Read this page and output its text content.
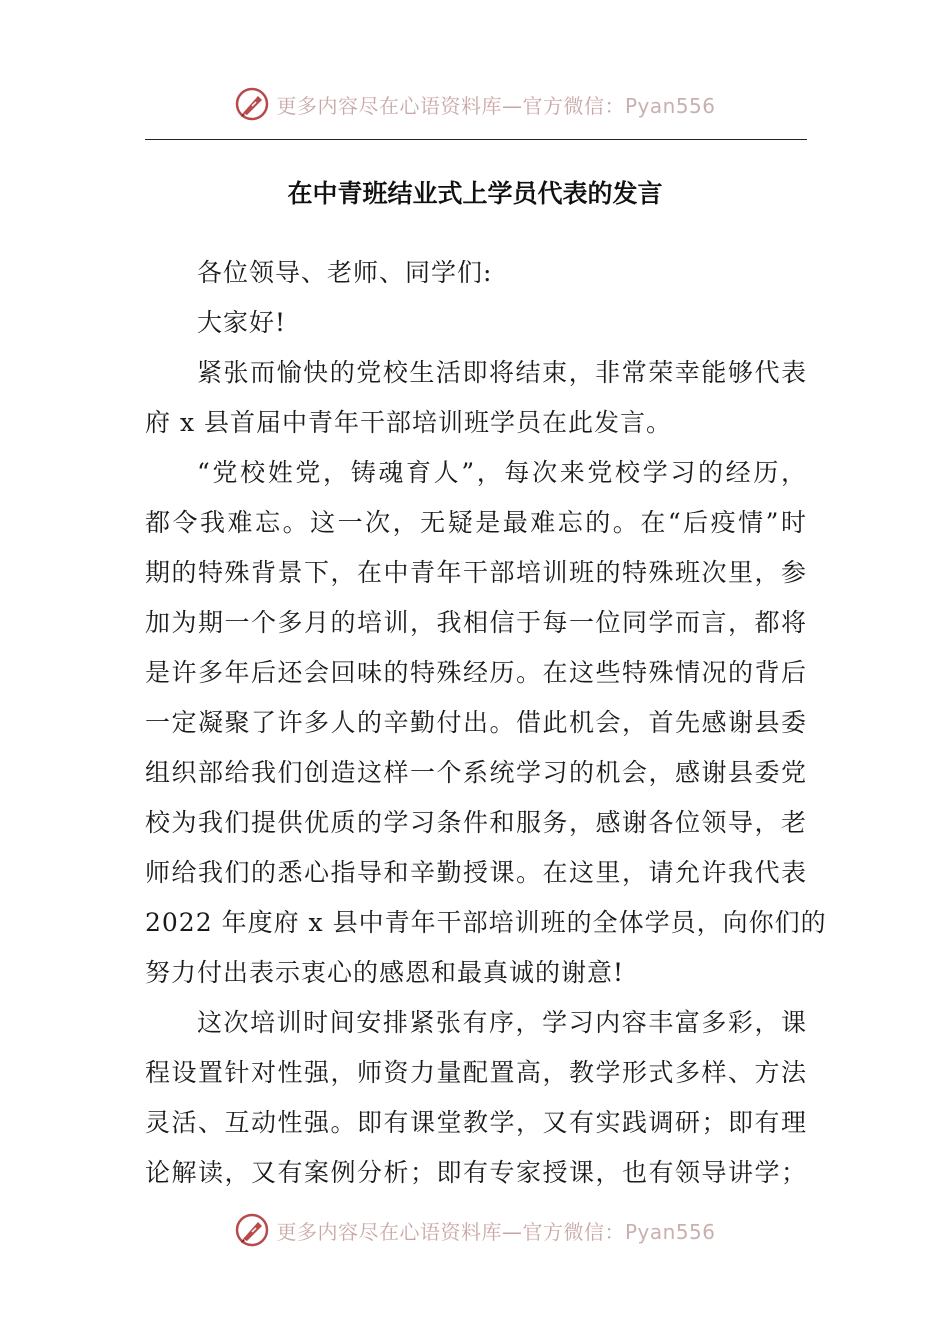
更多内容尽在心语资料库—官方微信：Pyan556
在中青班结业式上学员代表的发言
各位领导、老师、同学们:
大家好!
紧张而愉快的党校生活即将结束，非常荣幸能够代表
府 x 县首届中青年干部培训班学员在此发言。
“党校姓党，铸魂育人”，每次来党校学习的经历，
都令我难忘。这一次，无疑是最难忘的。在“后疫情”时
期的特殊背景下，在中青年干部培训班的特殊班次里，参
加为期一个多月的培训，我相信于每一位同学而言，都将
是许多年后还会回味的特殊经历。在这些特殊情况的背后
一定凝聚了许多人的辛勤付出。借此机会，首先感谢县委
组织部给我们创造这样一个系统学习的机会，感谢县委党
校为我们提供优质的学习条件和服务，感谢各位领导，老
师给我们的悉心指导和辛勤授课。在这里，请允许我代表
2022 年度府 x 县中青年干部培训班的全体学员，向你们的
努力付出表示衷心的感恩和最真诚的谢意!
这次培训时间安排紧张有序，学习内容丰富多彩，课
程设置针对性强，师资力量配置高，教学形式多样、方法
灵活、互动性强。即有课堂教学，又有实践调研；即有理
论解读，又有案例分析；即有专家授课，也有领导讲学；
更多内容尽在心语资料库—官方微信：Pyan556
